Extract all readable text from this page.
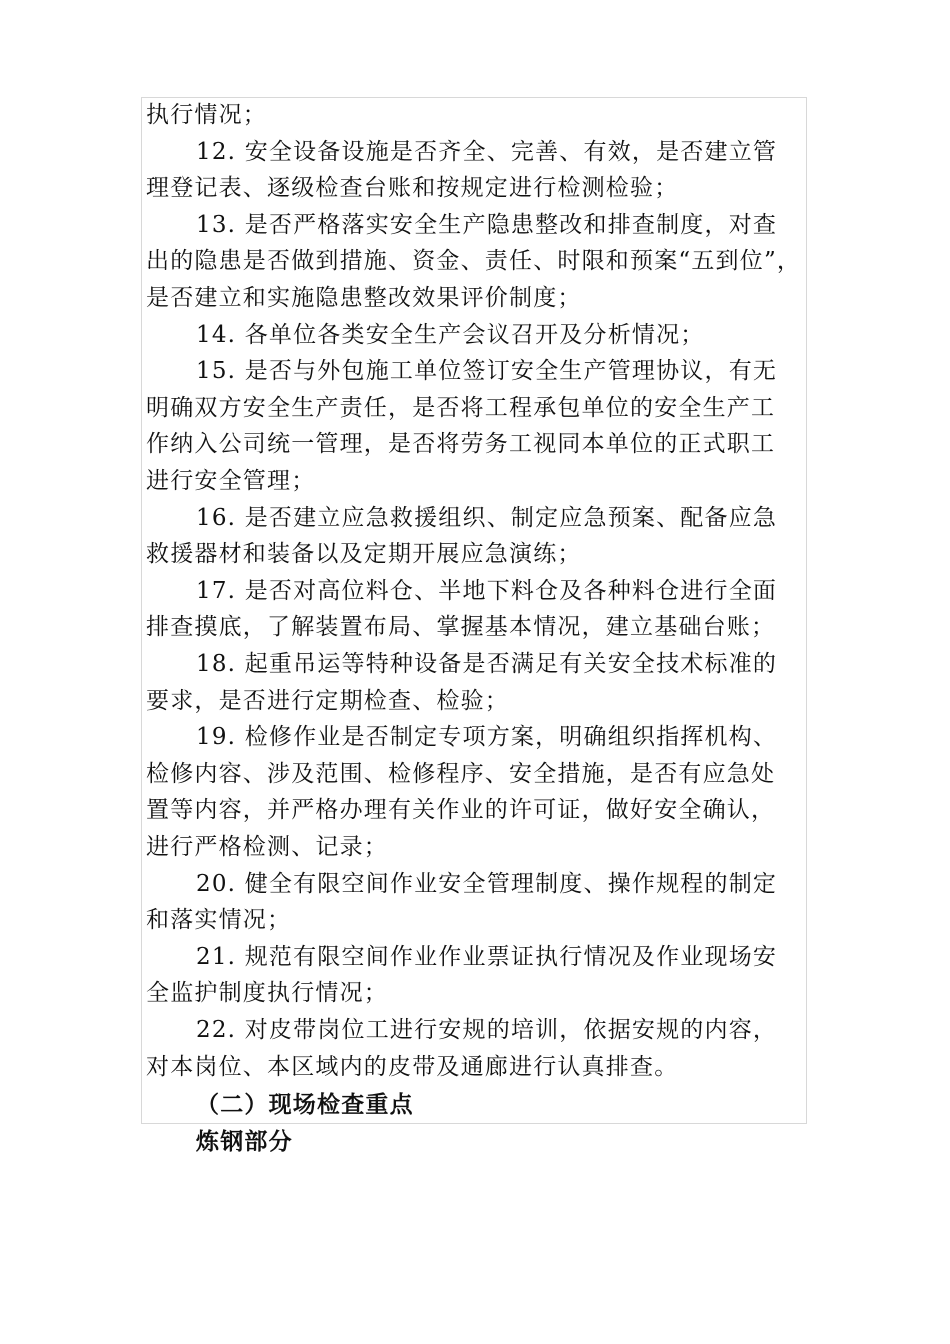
执行情况；
12. 安全设备设施是否齐全、完善、有效，是否建立管
理登记表、逐级检查台账和按规定进行检测检验；
13. 是否严格落实安全生产隐患整改和排查制度，对查
出的隐患是否做到措施、资金、责任、时限和预案“五到位”，
是否建立和实施隐患整改效果评价制度；
14. 各单位各类安全生产会议召开及分析情况；
15. 是否与外包施工单位签订安全生产管理协议，有无
明确双方安全生产责任，是否将工程承包单位的安全生产工
作纳入公司统一管理，是否将劳务工视同本单位的正式职工
进行安全管理；
16. 是否建立应急救援组织、制定应急预案、配备应急
救援器材和装备以及定期开展应急演练；
17. 是否对高位料仓、半地下料仓及各种料仓进行全面
排查摸底，了解装置布局、掌握基本情况，建立基础台账；
18. 起重吊运等特种设备是否满足有关安全技术标准的
要求，是否进行定期检查、检验；
19. 检修作业是否制定专项方案，明确组织指挥机构、
检修内容、涉及范围、检修程序、安全措施，是否有应急处
置等内容，并严格办理有关作业的许可证，做好安全确认，
进行严格检测、记录；
20. 健全有限空间作业安全管理制度、操作规程的制定
和落实情况；
21. 规范有限空间作业作业票证执行情况及作业现场安
全监护制度执行情况；
22. 对皮带岗位工进行安规的培训，依据安规的内容，
对本岗位、本区域内的皮带及通廊进行认真排查。
（二）现场检查重点
炼钢部分
